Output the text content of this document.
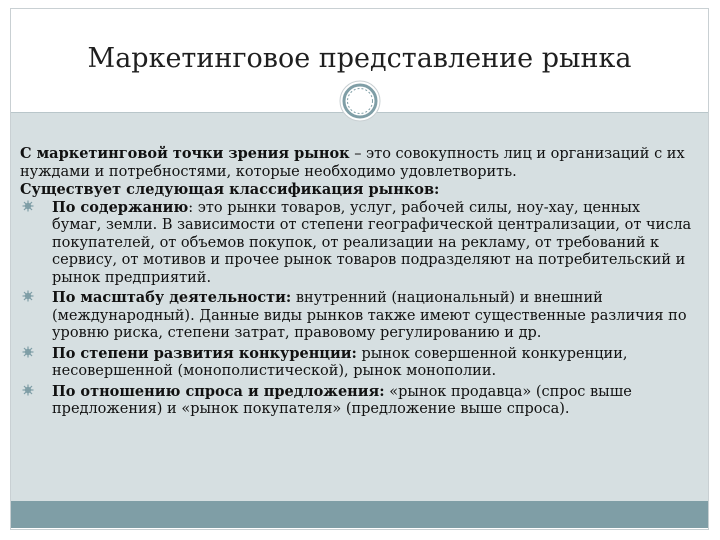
Маркетинговое представление рынка

С маркетинговой точки зрения рынок – это совокупность лиц и организаций с их нуждами и потребностями, которые необходимо удовлетворить.

Существует следующая классификация рынков:

По содержанию: это рынки товаров, услуг, рабочей силы, ноу-хау, ценных бумаг, земли. В зависимости от степени географической централизации, от числа покупателей, от объемов покупок, от реализации на рекламу, от требований к сервису, от мотивов и прочее рынок товаров подразделяют на потребительский и рынок предприятий.
По масштабу деятельности: внутренний (национальный) и внешний (международный). Данные виды рынков также имеют существенные различия по уровню риска, степени затрат, правовому регулированию и др.
По степени развития конкуренции: рынок совершенной конкуренции, несовершенной (монополистической), рынок монополии.
По отношению спроса и предложения: «рынок продавца» (спрос выше предложения) и «рынок покупателя» (предложение выше спроса).
